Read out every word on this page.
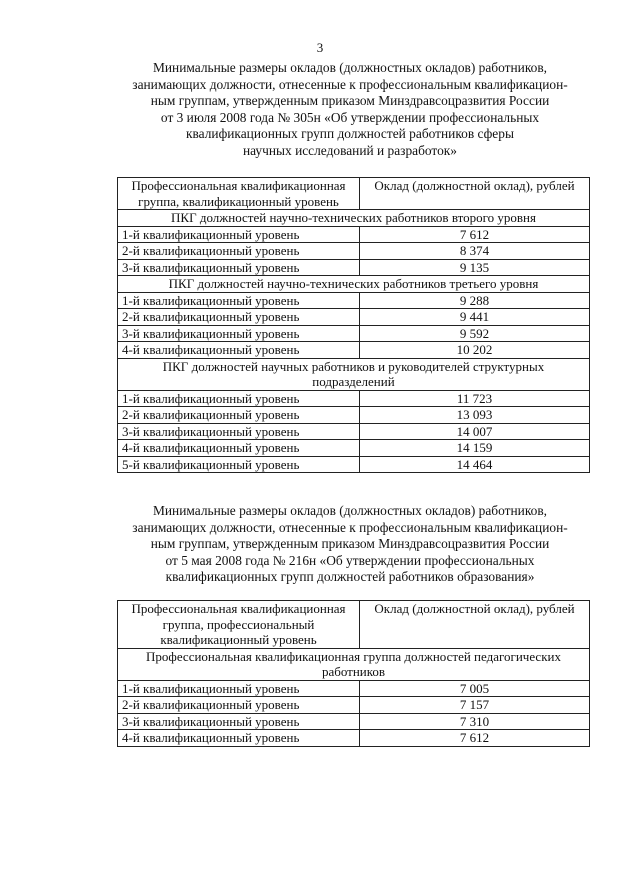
3
Минимальные размеры окладов (должностных окладов) работников,
занимающих должности, отнесенные к профессиональным квалификацион-
ным группам, утвержденным приказом Минздравсоцразвития России
от 3 июля 2008 года № 305н «Об утверждении профессиональных
квалификационных групп должностей работников сферы
научных исследований и разработок»
Профессиональная квалификационная группа, квалификационный уровень	Оклад (должностной оклад), рублей
ПКГ должностей научно-технических работников второго уровня	
1-й квалификационный уровень	7 612
2-й квалификационный уровень	8 374
3-й квалификационный уровень	9 135
ПКГ должностей научно-технических работников третьего уровня	
1-й квалификационный уровень	9 288
2-й квалификационный уровень	9 441
3-й квалификационный уровень	9 592
4-й квалификационный уровень	10 202
ПКГ должностей научных работников и руководителей структурных подразделений	
1-й квалификационный уровень	11 723
2-й квалификационный уровень	13 093
3-й квалификационный уровень	14 007
4-й квалификационный уровень	14 159
5-й квалификационный уровень	14 464
Минимальные размеры окладов (должностных окладов) работников,
занимающих должности, отнесенные к профессиональным квалификацион-
ным группам, утвержденным приказом Минздравсоцразвития России
от 5 мая 2008 года № 216н «Об утверждении профессиональных
квалификационных групп должностей работников образования»
Профессиональная квалификационная группа, профессиональный квалификационный уровень	Оклад (должностной оклад), рублей
Профессиональная квалификационная группа должностей педагогических работников	
1-й квалификационный уровень	7 005
2-й квалификационный уровень	7 157
3-й квалификационный уровень	7 310
4-й квалификационный уровень	7 612
